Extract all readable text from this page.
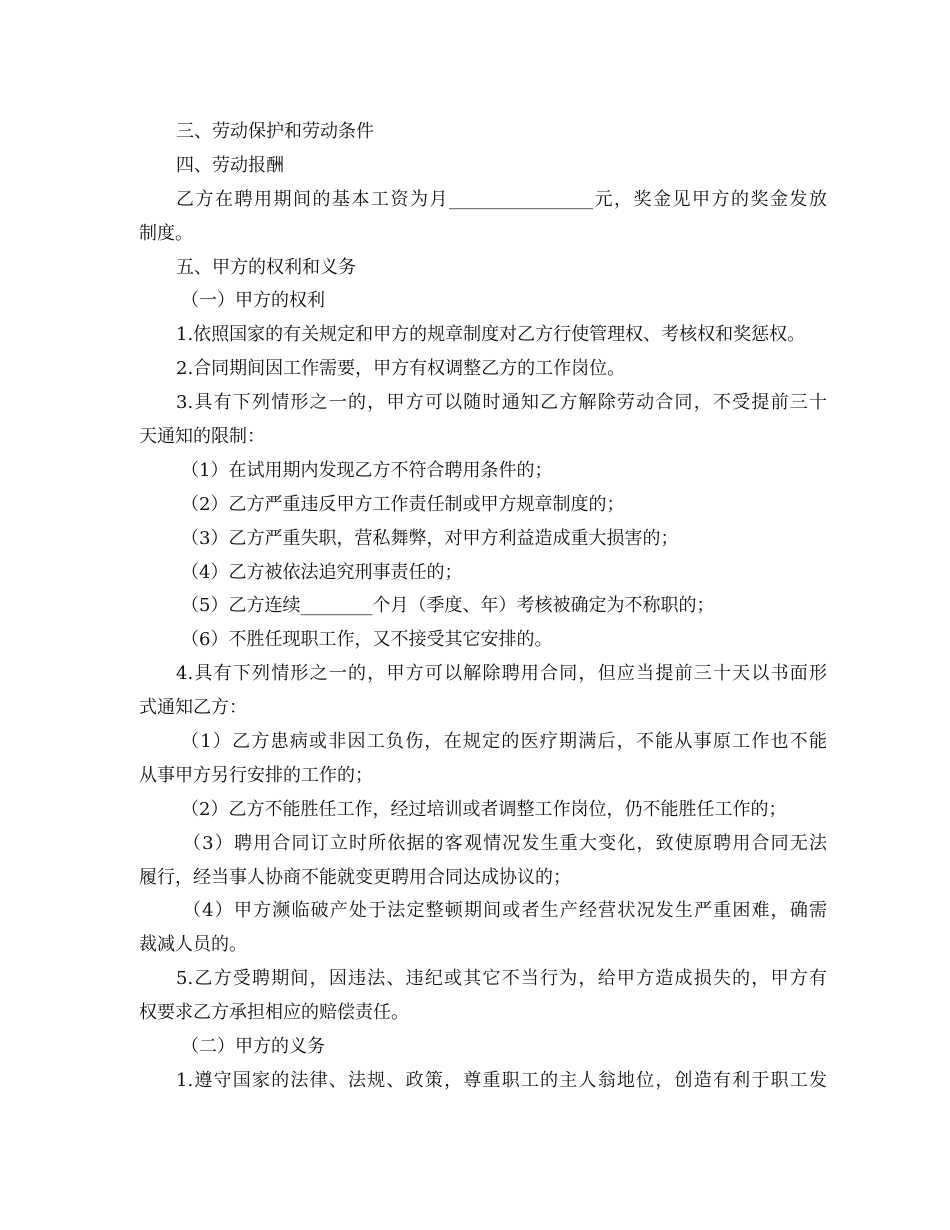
三、劳动保护和劳动条件
四、劳动报酬
乙方在聘用期间的基本工资为月________________元，奖金见甲方的奖金发放
制度。
五、甲方的权利和义务
（一）甲方的权利
1.依照国家的有关规定和甲方的规章制度对乙方行使管理权、考核权和奖惩权。
2.合同期间因工作需要，甲方有权调整乙方的工作岗位。
3.具有下列情形之一的，甲方可以随时通知乙方解除劳动合同，不受提前三十
天通知的限制：
（1）在试用期内发现乙方不符合聘用条件的；
（2）乙方严重违反甲方工作责任制或甲方规章制度的；
（3）乙方严重失职，营私舞弊，对甲方利益造成重大损害的；
（4）乙方被依法追究刑事责任的；
（5）乙方连续________个月（季度、年）考核被确定为不称职的；
（6）不胜任现职工作，又不接受其它安排的。
4.具有下列情形之一的，甲方可以解除聘用合同，但应当提前三十天以书面形
式通知乙方：
（1）乙方患病或非因工负伤，在规定的医疗期满后，不能从事原工作也不能
从事甲方另行安排的工作的；
（2）乙方不能胜任工作，经过培训或者调整工作岗位，仍不能胜任工作的；
（3）聘用合同订立时所依据的客观情况发生重大变化，致使原聘用合同无法
履行，经当事人协商不能就变更聘用合同达成协议的；
（4）甲方濒临破产处于法定整顿期间或者生产经营状况发生严重困难，确需
裁减人员的。
5.乙方受聘期间，因违法、违纪或其它不当行为，给甲方造成损失的，甲方有
权要求乙方承担相应的赔偿责任。
（二）甲方的义务
1.遵守国家的法律、法规、政策，尊重职工的主人翁地位，创造有利于职工发
